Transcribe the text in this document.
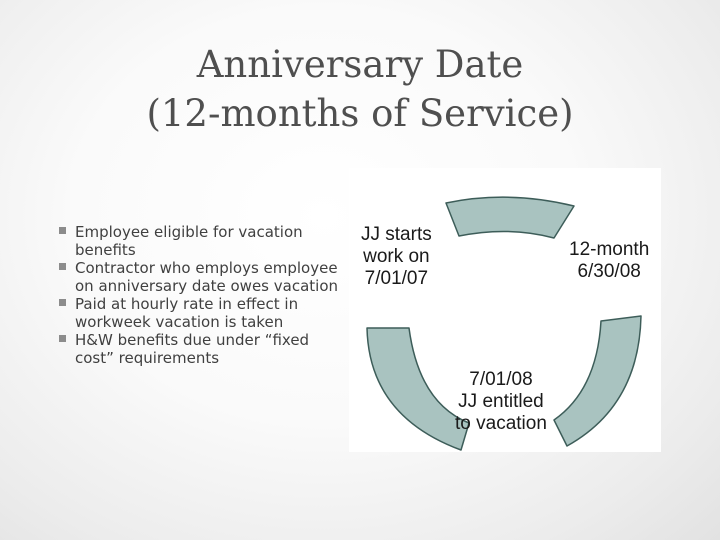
Anniversary Date
(12-months of Service)
Employee eligible for vacation benefits
Contractor who employs employee on anniversary date owes vacation
Paid at hourly rate in effect in workweek vacation is taken
H&W benefits due under “fixed cost” requirements
JJ starts
work on
7/01/07
12-month
6/30/08
7/01/08
JJ entitled
to vacation
